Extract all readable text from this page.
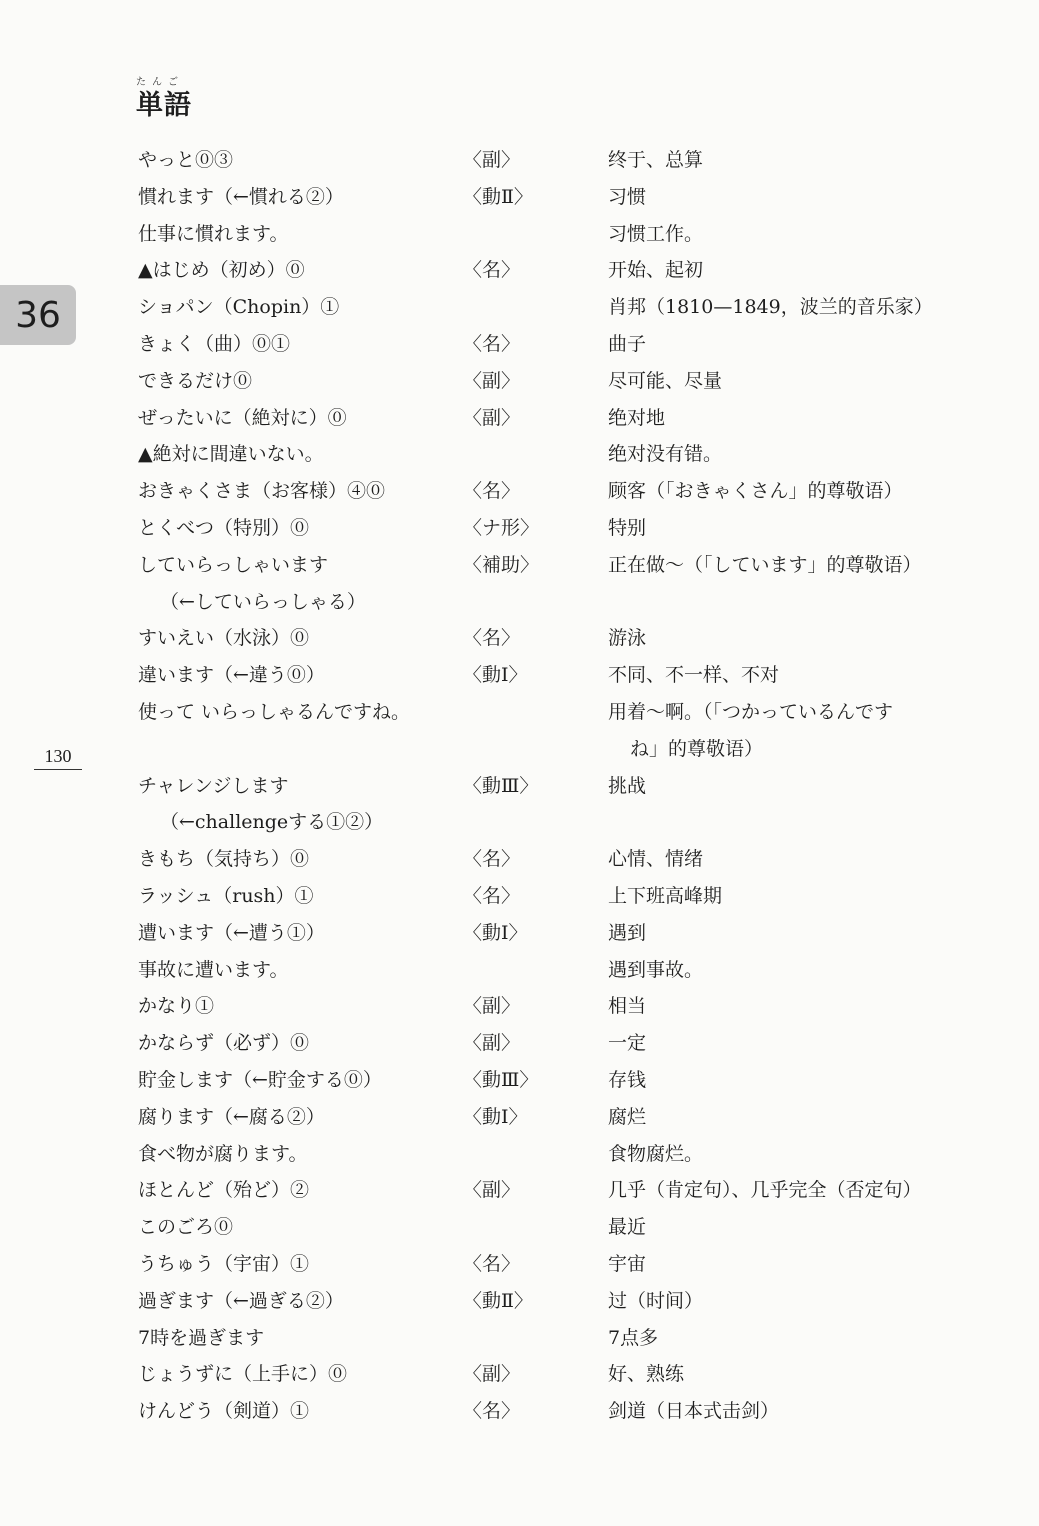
たんご
単語
36
130
やっと⓪③	〈副〉	终于、总算
慣れます（←慣れる②）	〈動Ⅱ〉	习惯
仕事に慣れます。	习惯工作。
▲はじめ（初め）⓪	〈名〉	开始、起初
ショパン（Chopin）①	肖邦（1810—1849，波兰的音乐家）
きょく（曲）⓪①	〈名〉	曲子
できるだけ⓪	〈副〉	尽可能、尽量
ぜったいに（絶対に）⓪	〈副〉	绝对地
▲絶対に間違いない。	绝对没有错。
おきゃくさま（お客様）④⓪	〈名〉	顾客（「おきゃくさん」的尊敬语）
とくべつ（特別）⓪	〈ナ形〉	特别
していらっしゃいます	〈補助〉	正在做～（「しています」的尊敬语）
（←していらっしゃる）
すいえい（水泳）⓪	〈名〉	游泳
違います（←違う⓪）	〈動Ⅰ〉	不同、不一样、不对
使って いらっしゃるんですね。	用着～啊。（「つかっているんです
ね」的尊敬语）
チャレンジします	〈動Ⅲ〉	挑战
（←challengeする①②）
きもち（気持ち）⓪	〈名〉	心情、情绪
ラッシュ（rush）①	〈名〉	上下班高峰期
遭います（←遭う①）	〈動Ⅰ〉	遇到
事故に遭います。	遇到事故。
かなり①	〈副〉	相当
かならず（必ず）⓪	〈副〉	一定
貯金します（←貯金する⓪）	〈動Ⅲ〉	存钱
腐ります（←腐る②）	〈動Ⅰ〉	腐烂
食べ物が腐ります。	食物腐烂。
ほとんど（殆ど）②	〈副〉	几乎（肯定句）、几乎完全（否定句）
このごろ⓪	最近
うちゅう（宇宙）①	〈名〉	宇宙
過ぎます（←過ぎる②）	〈動Ⅱ〉	过（时间）
7時を過ぎます	7点多
じょうずに（上手に）⓪	〈副〉	好、熟练
けんどう（剣道）①	〈名〉	剑道（日本式击剑）
